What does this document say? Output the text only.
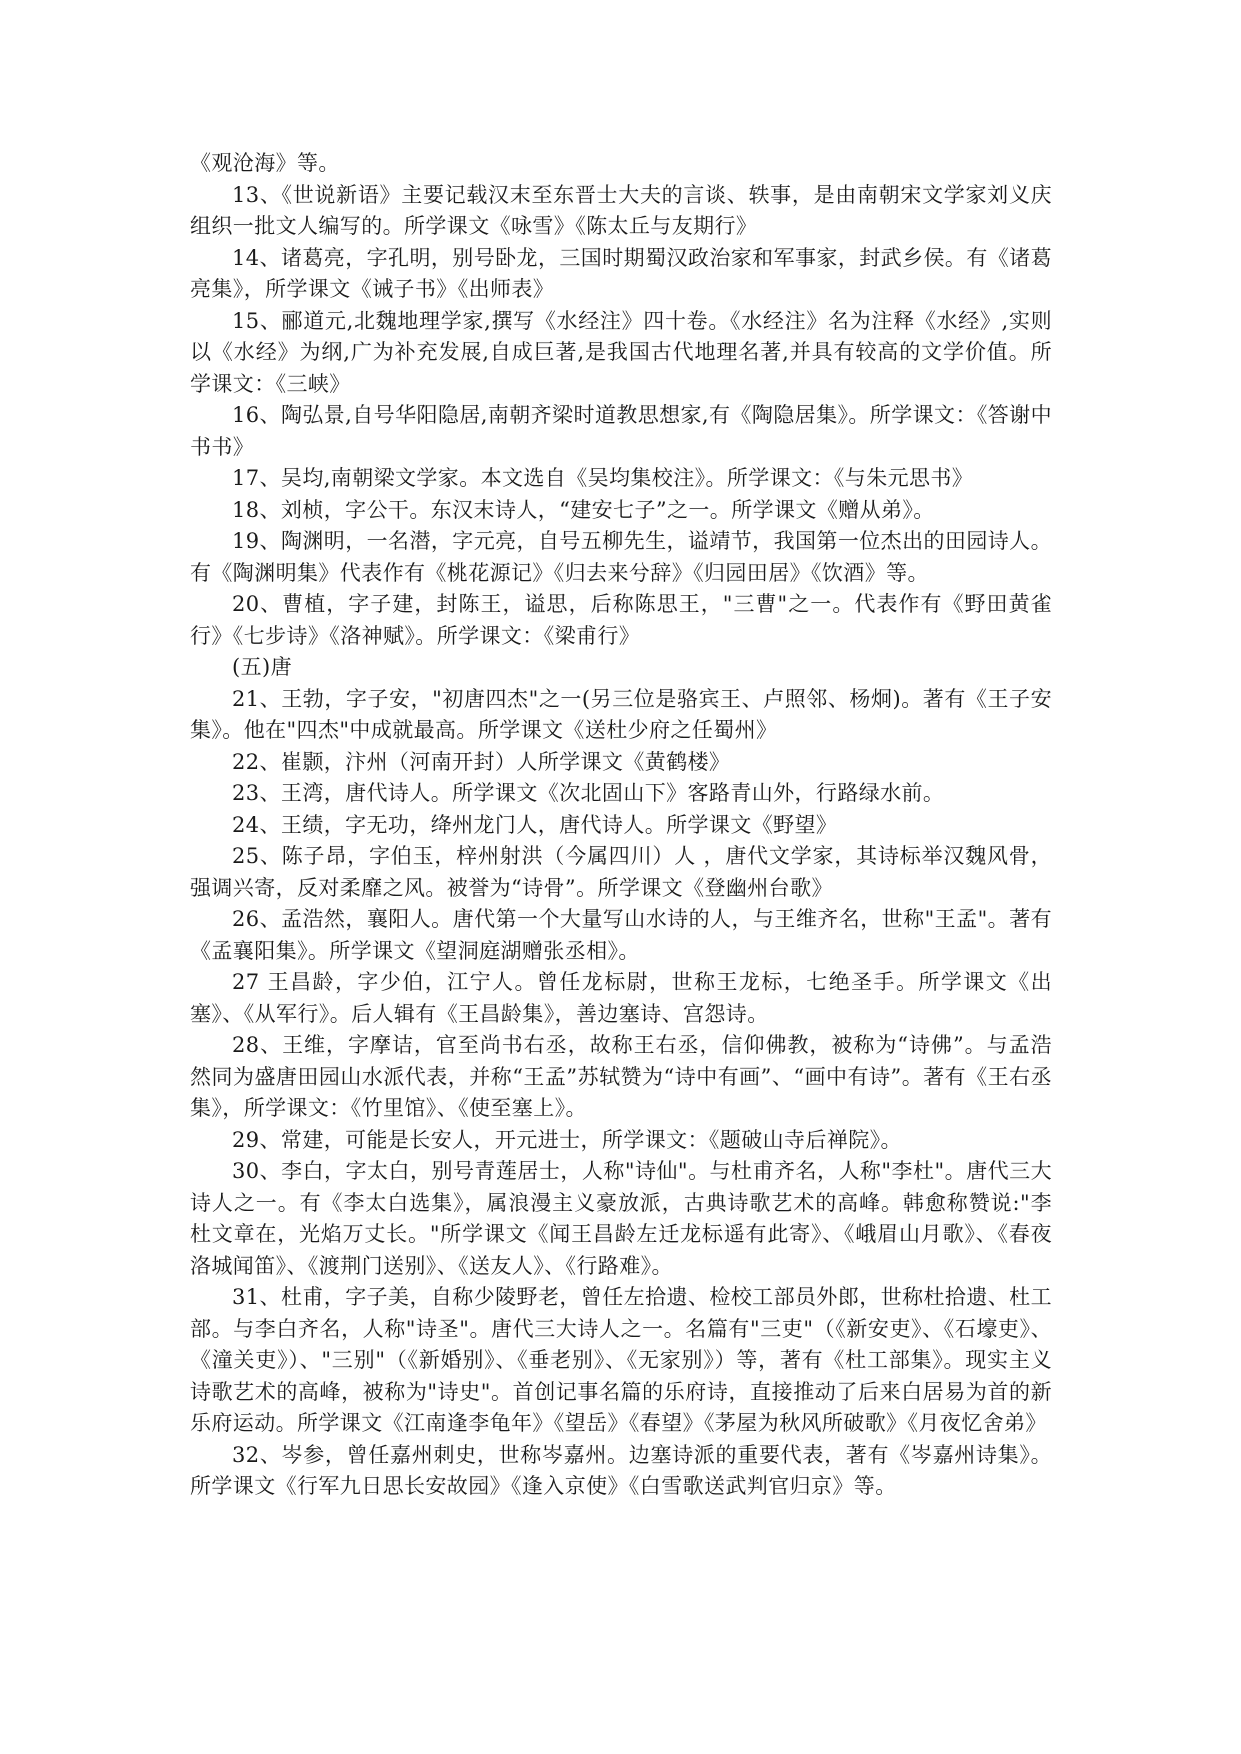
《观沧海》等。

13、《世说新语》主要记载汉末至东晋士大夫的言谈、轶事，是由南朝宋文学家刘义庆组织一批文人编写的。所学课文《咏雪》《陈太丘与友期行》

14、诸葛亮，字孔明，别号卧龙，三国时期蜀汉政治家和军事家，封武乡侯。有《诸葛亮集》，所学课文《诫子书》《出师表》

15、郦道元,北魏地理学家,撰写《水经注》四十卷。《水经注》名为注释《水经》,实则以《水经》为纲,广为补充发展,自成巨著,是我国古代地理名著,并具有较高的文学价值。所学课文：《三峡》

16、陶弘景,自号华阳隐居,南朝齐梁时道教思想家,有《陶隐居集》。所学课文：《答谢中书书》

17、吴均,南朝梁文学家。本文选自《吴均集校注》。所学课文：《与朱元思书》

18、刘桢，字公干。东汉末诗人，“建安七子”之一。所学课文《赠从弟》。

19、陶渊明，一名潜，字元亮，自号五柳先生，谥靖节，我国第一位杰出的田园诗人。有《陶渊明集》代表作有《桃花源记》《归去来兮辞》《归园田居》《饮酒》等。

20、曹植，字子建，封陈王，谥思，后称陈思王，"三曹"之一。代表作有《野田黄雀行》《七步诗》《洛神赋》。所学课文：《梁甫行》

(五)唐

21、王勃，字子安，"初唐四杰"之一(另三位是骆宾王、卢照邻、杨炯)。著有《王子安集》。他在"四杰"中成就最高。所学课文《送杜少府之任蜀州》

22、崔颢，汴州（河南开封）人所学课文《黄鹤楼》

23、王湾，唐代诗人。所学课文《次北固山下》客路青山外，行路绿水前。

24、王绩，字无功，绛州龙门人，唐代诗人。所学课文《野望》

25、陈子昂，字伯玉，梓州射洪（今属四川）人 ，唐代文学家，其诗标举汉魏风骨，强调兴寄，反对柔靡之风。被誉为“诗骨”。所学课文《登幽州台歌》

26、孟浩然，襄阳人。唐代第一个大量写山水诗的人，与王维齐名，世称"王孟"。著有《孟襄阳集》。所学课文《望洞庭湖赠张丞相》。

27 王昌龄，字少伯，江宁人。曾任龙标尉，世称王龙标，七绝圣手。所学课文《出塞》、《从军行》。后人辑有《王昌龄集》，善边塞诗、宫怨诗。

28、王维，字摩诘，官至尚书右丞，故称王右丞，信仰佛教，被称为“诗佛”。与孟浩然同为盛唐田园山水派代表，并称“王孟”苏轼赞为“诗中有画”、“画中有诗”。著有《王右丞集》，所学课文：《竹里馆》、《使至塞上》。

29、常建，可能是长安人，开元进士，所学课文：《题破山寺后禅院》。

30、李白，字太白，别号青莲居士，人称"诗仙"。与杜甫齐名，人称"李杜"。唐代三大诗人之一。有《李太白选集》，属浪漫主义豪放派，古典诗歌艺术的高峰。韩愈称赞说:"李杜文章在，光焰万丈长。"所学课文《闻王昌龄左迁龙标遥有此寄》、《峨眉山月歌》、《春夜洛城闻笛》、《渡荆门送别》、《送友人》、《行路难》。

31、杜甫，字子美，自称少陵野老，曾任左拾遗、检校工部员外郎，世称杜拾遗、杜工部。与李白齐名，人称"诗圣"。唐代三大诗人之一。名篇有"三吏"（《新安吏》、《石壕吏》、《潼关吏》）、"三别"（《新婚别》、《垂老别》、《无家别》）等，著有《杜工部集》。现实主义诗歌艺术的高峰，被称为"诗史"。首创记事名篇的乐府诗，直接推动了后来白居易为首的新乐府运动。所学课文《江南逢李龟年》《望岳》《春望》《茅屋为秋风所破歌》《月夜忆舍弟》

32、岑参，曾任嘉州刺史，世称岑嘉州。边塞诗派的重要代表，著有《岑嘉州诗集》。所学课文《行军九日思长安故园》《逢入京使》《白雪歌送武判官归京》等。
